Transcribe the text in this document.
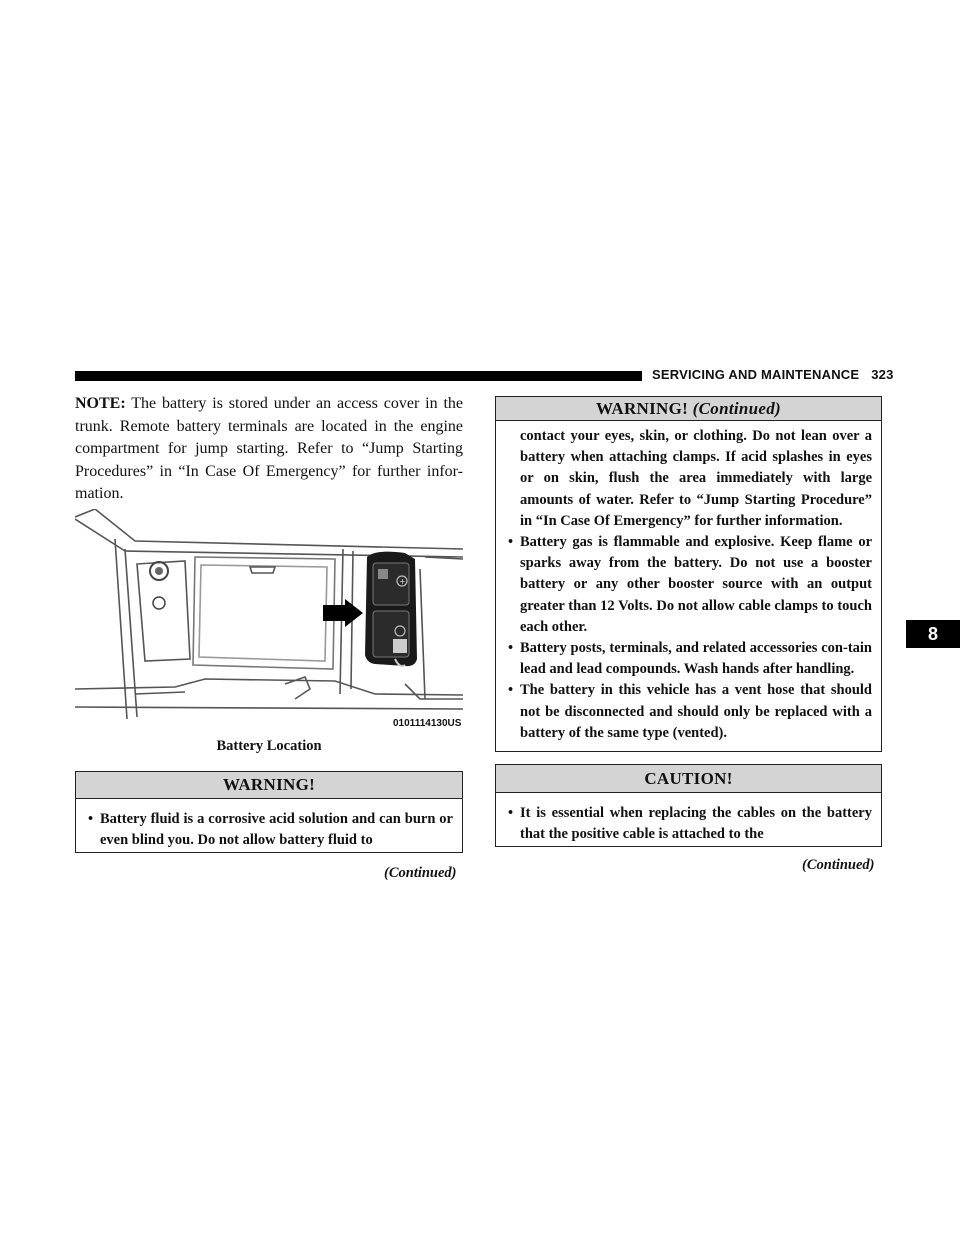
SERVICING AND MAINTENANCE 323
8
NOTE: The battery is stored under an access cover in the trunk. Remote battery terminals are located in the engine compartment for jump starting. Refer to “Jump Starting Procedures” in “In Case Of Emergency” for further infor-mation.
+
0101114130US
Battery Location
WARNING!
• Battery fluid is a corrosive acid solution and can burn or even blind you. Do not allow battery fluid to
(Continued)
WARNING! (Continued)

contact your eyes, skin, or clothing. Do not lean over a battery when attaching clamps. If acid splashes in eyes or on skin, flush the area immediately with large amounts of water. Refer to “Jump Starting Procedure” in “In Case Of Emergency” for further information.

• Battery gas is flammable and explosive. Keep flame or sparks away from the battery. Do not use a booster battery or any other booster source with an output greater than 12 Volts. Do not allow cable clamps to touch each other.
• Battery posts, terminals, and related accessories con-tain lead and lead compounds. Wash hands after handling.
• The battery in this vehicle has a vent hose that should not be disconnected and should only be replaced with a battery of the same type (vented).
CAUTION!
• It is essential when replacing the cables on the battery that the positive cable is attached to the
(Continued)
